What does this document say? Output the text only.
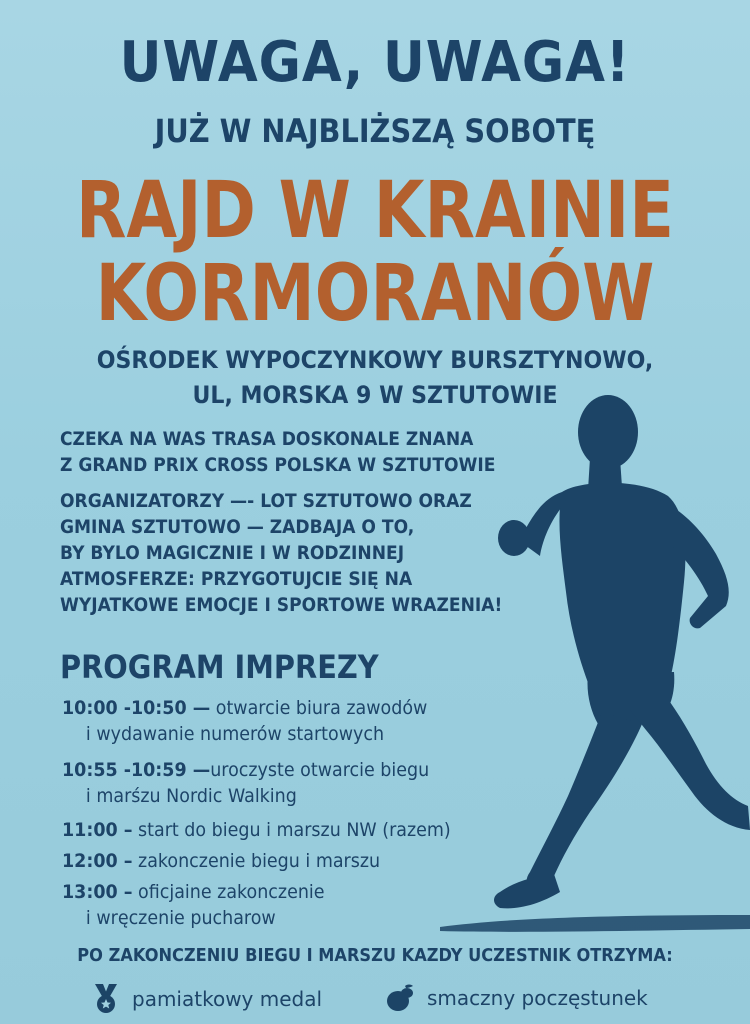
UWAGA, UWAGA!
JUŻ W NAJBLIŻSZĄ SOBOTĘ
RAJD W KRAINIE
KORMORANÓW
OŚRODEK WYPOCZYNKOWY BURSZTYNOWO,
UL, MORSKA 9 W SZTUTOWIE
CZEKA NA WAS TRASA DOSKONALE ZNANA
Z GRAND PRIX CROSS POLSKA W SZTUTOWIE
ORGANIZATORZY —- LOT SZTUTOWO ORAZ
GMINA SZTUTOWO — ZADBAJA O TO,
BY BYLO MAGICZNIE I W RODZINNEJ
ATMOSFERZE: PRZYGOTUJCIE SIĘ NA
WYJATKOWE EMOCJE I SPORTOWE WRAZENIA!
PROGRAM IMPREZY
10:00 -10:50 — otwarcie biura zawodów
i wydawanie numerów startowych
10:55 -10:59 —uroczyste otwarcie biegu
i marśzu Nordic Walking
11:00 – start do biegu i marszu NW (razem)
12:00 – zakonczenie biegu i marszu
13:00 – oficjaine zakonczenie
i wręczenie pucharow
PO ZAKONCZENIU BIEGU I MARSZU KAZDY UCZESTNIK OTRZYMA:
pamiatkowy medal	smaczny poczęstunek
